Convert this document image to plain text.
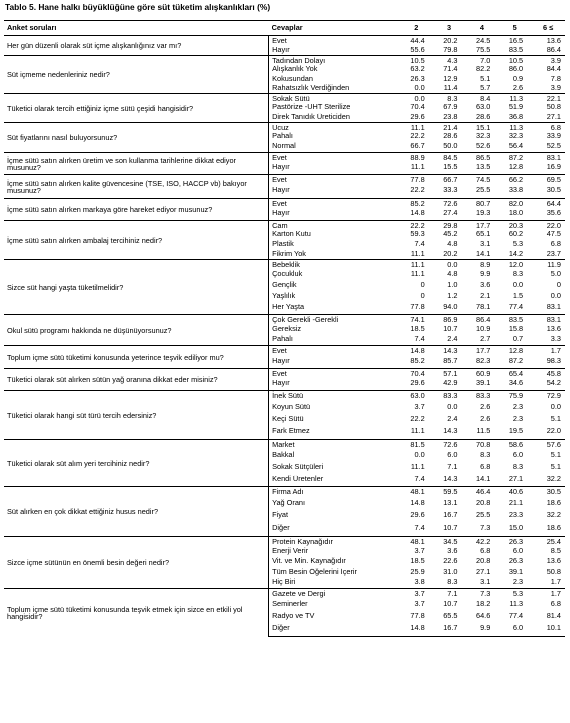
Tablo 5. Hane halkı büyüklüğüne göre süt tüketim alışkanlıkları (%)
Anket soruları	Cevaplar	2	3	4	5	6 ≤
Her gün düzenli olarak süt içme alışkanlığınız var mı?	Evet	44.4	20.2	24.5	16.5	13.6
	Hayır	55.6	79.8	75.5	83.5	86.4
Süt içmeme nedenleriniz nedir?	Tadından Dolayı	10.5	4.3	7.0	10.5	3.9
	Alışkanlık Yok	63.2	71.4	82.2	86.0	84.4
	Kokusundan	26.3	12.9	5.1	0.9	7.8
	Rahatsızlık Verdiğinden	0.0	11.4	5.7	2.6	3.9
Tüketici olarak tercih ettiğiniz içme sütü çeşidi hangisidir?	Sokak Sütü	0.0	8.3	8.4	11.3	22.1
	Pastörize -UHT Sterilize	70.4	67.9	63.0	51.9	50.8
	Direk Tanıdık Üreticiden	29.6	23.8	28.6	36.8	27.1
Süt fiyatlarını nasıl buluyorsunuz?	Ucuz	11.1	21.4	15.1	11.3	6.8
	Pahalı	22.2	28.6	32.3	32.3	33.9
	Normal	66.7	50.0	52.6	56.4	52.5
İçme sütü satın alırken üretim ve son kullanma tarihlerine dikkat ediyor musunuz?	Evet	88.9	84.5	86.5	87.2	83.1
	Hayır	11.1	15.5	13.5	12.8	16.9
İçme sütü satın alırken kalite güvencesine (TSE, ISO, HACCP vb) bakıyor musunuz?	Evet	77.8	66.7	74.5	66.2	69.5
	Hayır	22.2	33.3	25.5	33.8	30.5
İçme sütü satın alırken markaya göre hareket ediyor musunuz?	Evet	85.2	72.6	80.7	82.0	64.4
	Hayır	14.8	27.4	19.3	18.0	35.6
İçme sütü satın alırken ambalaj tercihiniz nedir?	Cam	22.2	29.8	17.7	20.3	22.0
	Karton Kutu	59.3	45.2	65.1	60.2	47.5
	Plastik	7.4	4.8	3.1	5.3	6.8
	Fikrim Yok	11.1	20.2	14.1	14.2	23.7
Sizce süt hangi yaşta tüketilmelidir?	Bebeklik	11.1	0.0	8.9	12.0	11.9
	Çocukluk	11.1	4.8	9.9	8.3	5.0
	Gençlik	0	1.0	3.6	0.0	0
	Yaşlılık	0	1.2	2.1	1.5	0.0
	Her Yaşta	77.8	94.0	78.1	77.4	83.1
Okul sütü programı hakkında ne düşünüyorsunuz?	Çok Gerekli -Gerekli	74.1	86.9	86.4	83.5	83.1
	Gereksiz	18.5	10.7	10.9	15.8	13.6
	Pahalı	7.4	2.4	2.7	0.7	3.3
Toplum içme sütü tüketimi konusunda yeterince teşvik ediliyor mu?	Evet	14.8	14.3	17.7	12.8	1.7
	Hayır	85.2	85.7	82.3	87.2	98.3
Tüketici olarak süt alırken sütün yağ oranına dikkat eder misiniz?	Evet	70.4	57.1	60.9	65.4	45.8
	Hayır	29.6	42.9	39.1	34.6	54.2
Tüketici olarak hangi süt türü tercih edersiniz?	İnek Sütü	63.0	83.3	83.3	75.9	72.9
	Koyun Sütü	3.7	0.0	2.6	2.3	0.0
	Keçi Sütü	22.2	2.4	2.6	2.3	5.1
	Fark Etmez	11.1	14.3	11.5	19.5	22.0
Tüketici olarak süt alım yeri tercihiniz nedir?	Market	81.5	72.6	70.8	58.6	57.6
	Bakkal	0.0	6.0	8.3	6.0	5.1
	Sokak Sütçüleri	11.1	7.1	6.8	8.3	5.1
	Kendi Üretenler	7.4	14.3	14.1	27.1	32.2
Süt alırken en çok dikkat ettiğiniz husus nedir?	Firma Adı	48.1	59.5	46.4	40.6	30.5
	Yağ Oranı	14.8	13.1	20.8	21.1	18.6
	Fiyat	29.6	16.7	25.5	23.3	32.2
	Diğer	7.4	10.7	7.3	15.0	18.6
Sizce içme sütünün en önemli besin değeri nedir?	Protein Kaynağıdır	48.1	34.5	42.2	26.3	25.4
	Enerji Verir	3.7	3.6	6.8	6.0	8.5
	Vit. ve Min. Kaynağıdır	18.5	22.6	20.8	26.3	13.6
	Tüm Besin Öğelerini İçerir	25.9	31.0	27.1	39.1	50.8
	Hiç Biri	3.8	8.3	3.1	2.3	1.7
Toplum içme sütü tüketimi konusunda teşvik etmek için sizce en etkili yol hangisidir?	Gazete ve Dergi	3.7	7.1	7.3	5.3	1.7
	Seminerler	3.7	10.7	18.2	11.3	6.8
	Radyo ve TV	77.8	65.5	64.6	77.4	81.4
	Diğer	14.8	16.7	9.9	6.0	10.1
